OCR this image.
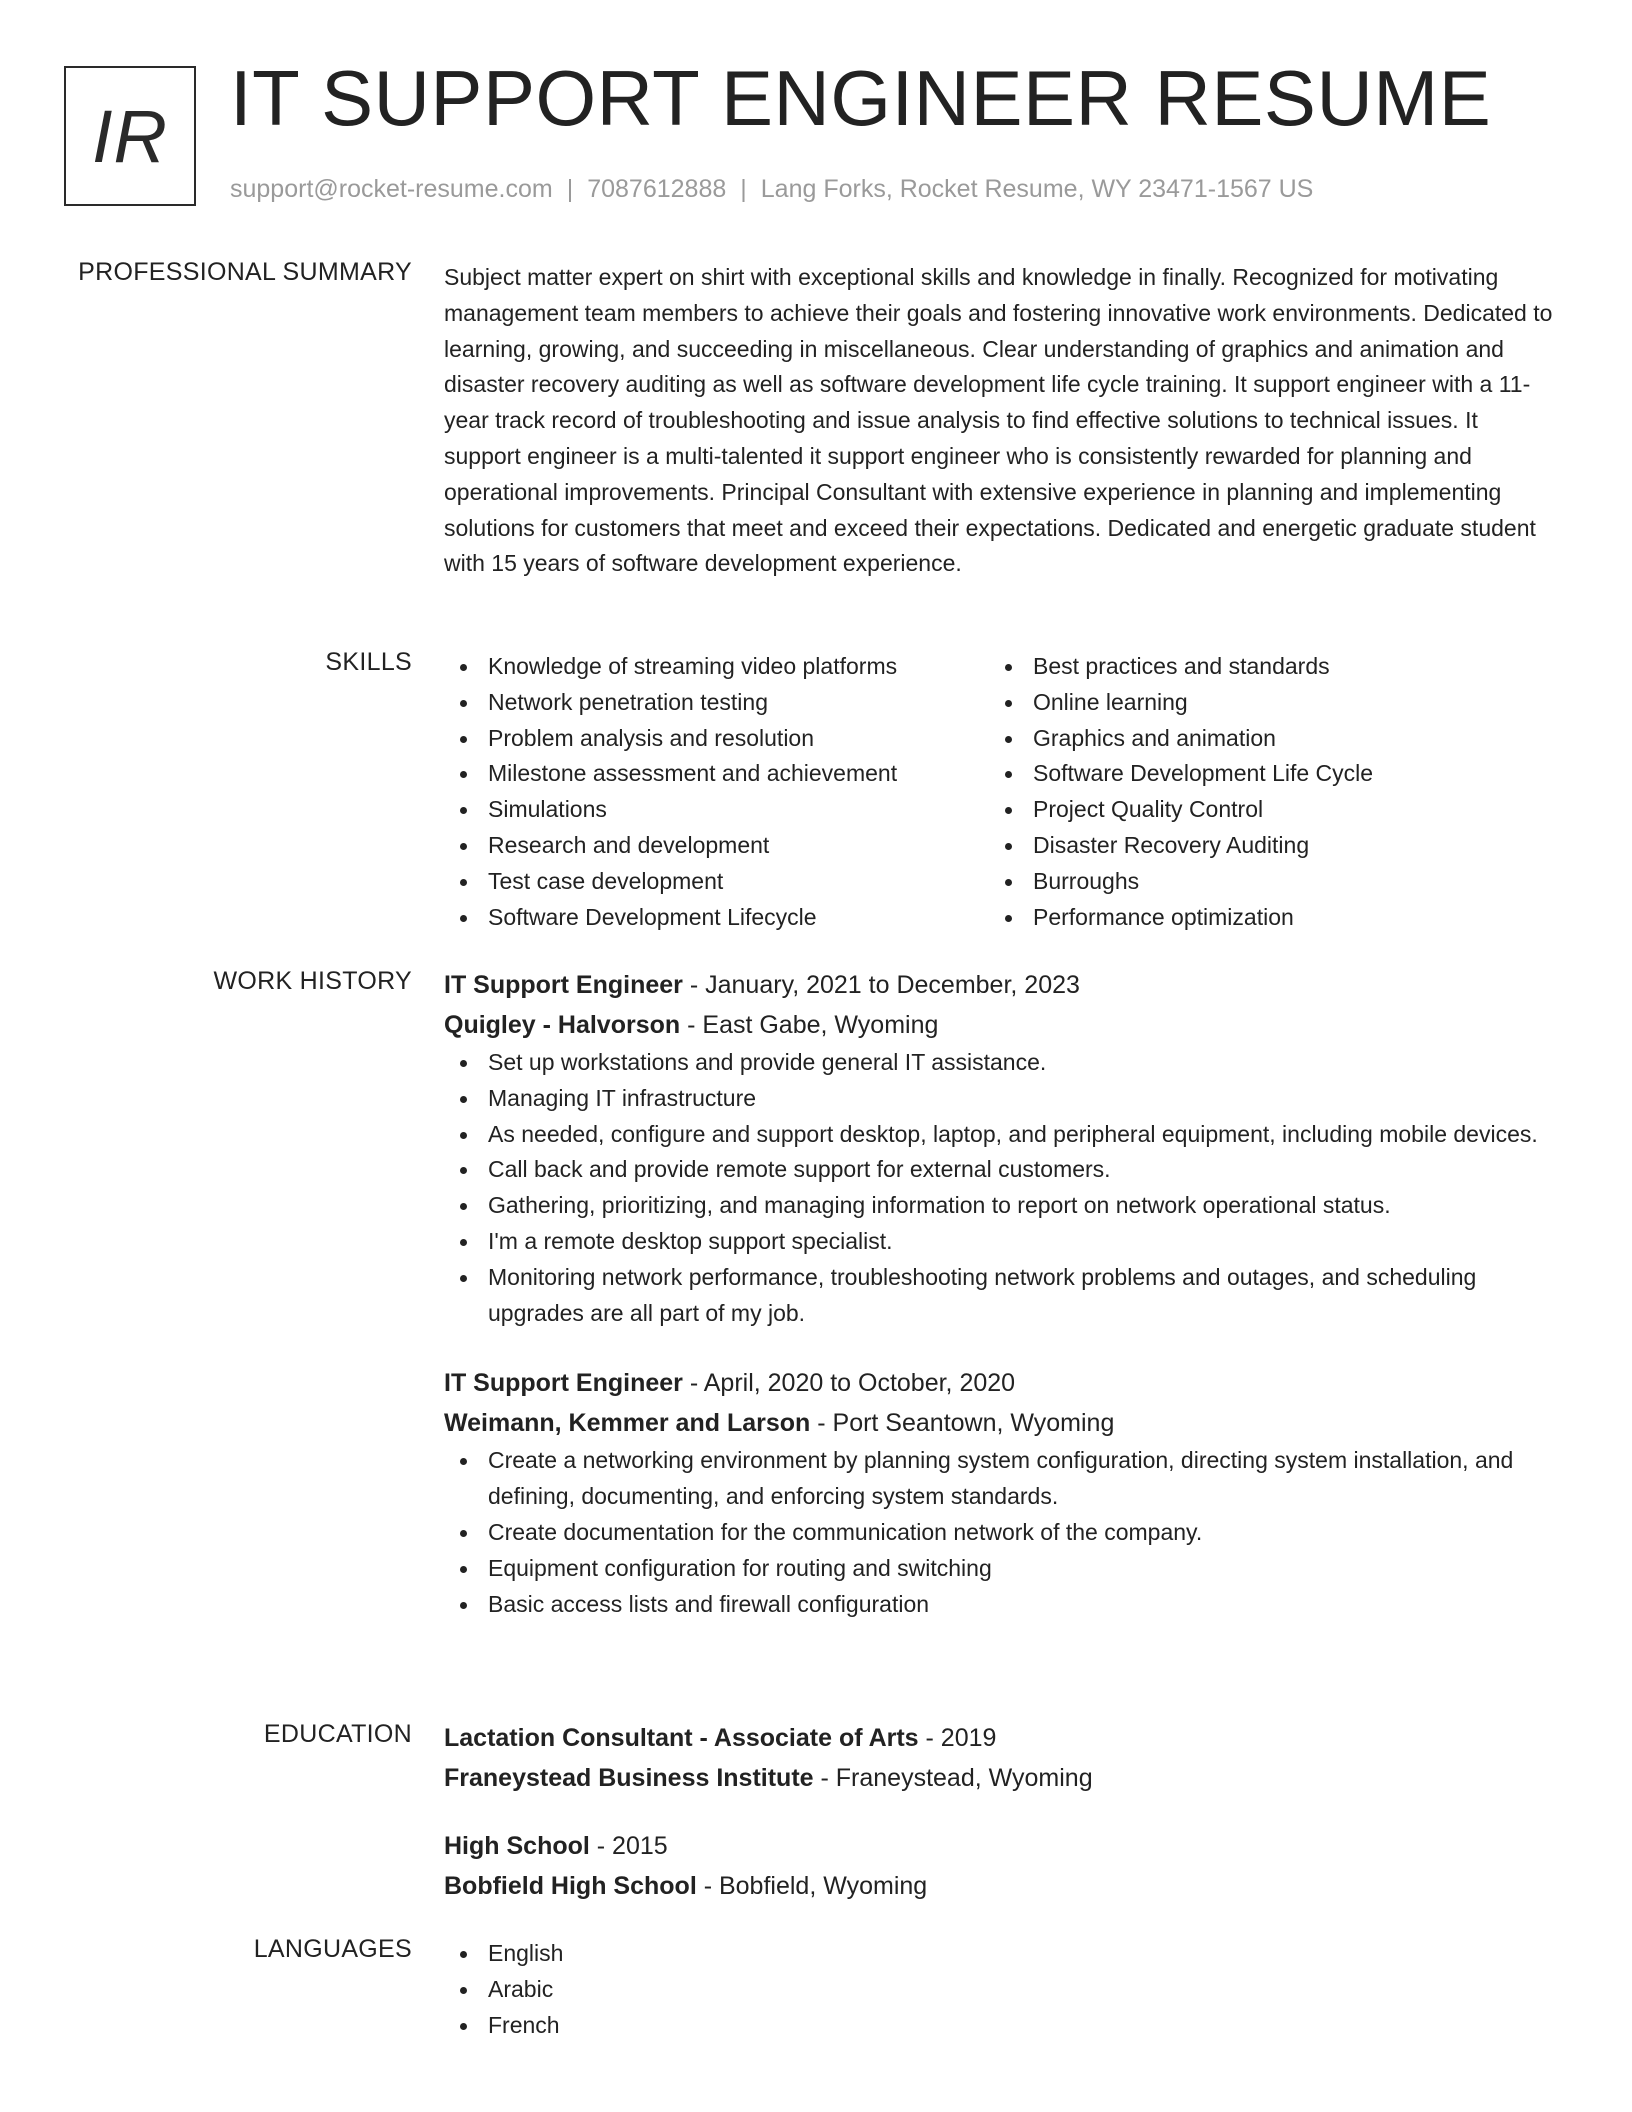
IR IT SUPPORT ENGINEER RESUME
support@rocket-resume.com | 7087612888 | Lang Forks, Rocket Resume, WY 23471-1567 US
PROFESSIONAL SUMMARY Subject matter expert on shirt with exceptional skills and knowledge in finally. Recognized for motivating management team members to achieve their goals and fostering innovative work environments. Dedicated to learning, growing, and succeeding in miscellaneous. Clear understanding of graphics and animation and disaster recovery auditing as well as software development life cycle training. It support engineer with a 11-year track record of troubleshooting and issue analysis to find effective solutions to technical issues. It support engineer is a multi-talented it support engineer who is consistently rewarded for planning and operational improvements. Principal Consultant with extensive experience in planning and implementing solutions for customers that meet and exceed their expectations. Dedicated and energetic graduate student with 15 years of software development experience.

SKILLS	Knowledge of streaming video platforms
Network penetration testing
Problem analysis and resolution
Milestone assessment and achievement
Simulations
Research and development
Test case development
Software Development Lifecycle
Best practices and standards
Online learning
Graphics and animation
Software Development Life Cycle
Project Quality Control
Disaster Recovery Auditing
Burroughs
Performance optimization
WORK HISTORY IT Support Engineer - January, 2021 to December, 2023
Quigley - Halvorson - East Gabe, Wyoming
Set up workstations and provide general IT assistance.
Managing IT infrastructure
As needed, configure and support desktop, laptop, and peripheral equipment, including mobile devices.
Call back and provide remote support for external customers.
Gathering, prioritizing, and managing information to report on network operational status.
I'm a remote desktop support specialist.
Monitoring network performance, troubleshooting network problems and outages, and scheduling upgrades are all part of my job.
IT Support Engineer - April, 2020 to October, 2020
Weimann, Kemmer and Larson - Port Seantown, Wyoming
Create a networking environment by planning system configuration, directing system installation, and defining, documenting, and enforcing system standards.
Create documentation for the communication network of the company.
Equipment configuration for routing and switching
Basic access lists and firewall configuration
EDUCATION Lactation Consultant - Associate of Arts - 2019
Franeystead Business Institute - Franeystead, Wyoming
High School - 2015
Bobfield High School - Bobfield, Wyoming
LANGUAGES	English
Arabic
French
